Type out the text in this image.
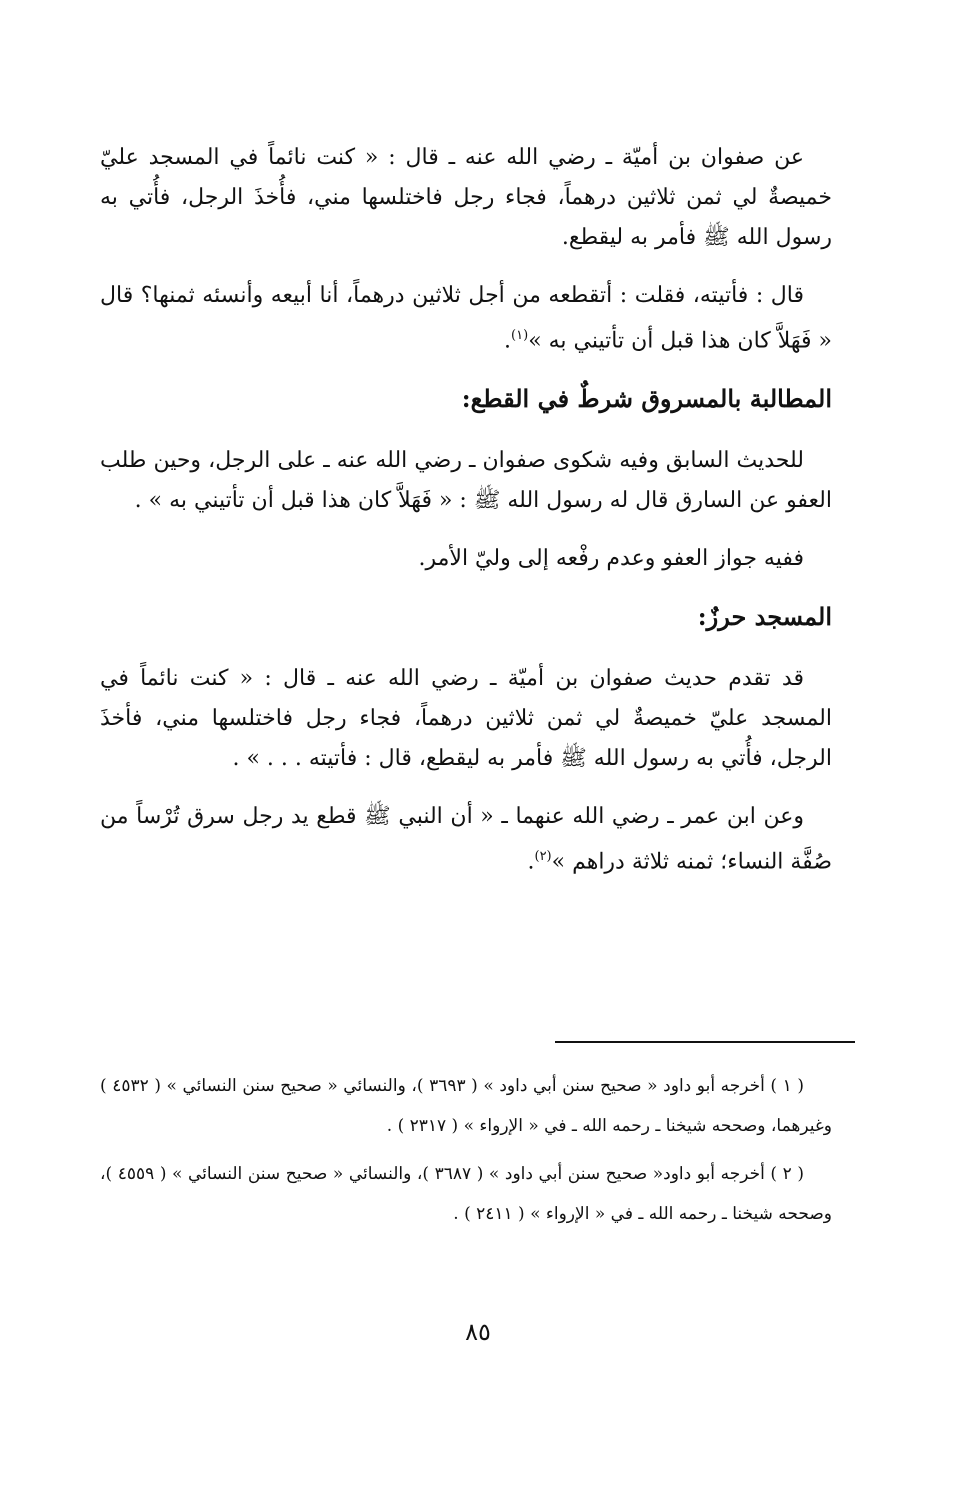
عن صفوان بن أميّة ـ رضي الله عنه ـ قال : « كنت نائماً في المسجد عليّ خميصةٌ لي ثمن ثلاثين درهماً، فجاء رجل فاختلسها مني، فأُخذَ الرجل، فأُتي به رسول الله ﷺ فأمر به ليقطع.

قال : فأتيته، فقلت : أتقطعه من أجل ثلاثين درهماً، أنا أبيعه وأنسئه ثمنها؟ قال « فَهَلاَّ كان هذا قبل أن تأتيني به »$^{(١)}$.

المطالبة بالمسروق شرطٌ في القطع:

للحديث السابق وفيه شكوى صفوان ـ رضي الله عنه ـ على الرجل، وحين طلب العفو عن السارق قال له رسول الله ﷺ : « فَهَلاَّ كان هذا قبل أن تأتيني به » .

ففيه جواز العفو وعدم رفْعه إلى وليّ الأمر.

المسجد حرزٌ:

قد تقدم حديث صفوان بن أميّة ـ رضي الله عنه ـ قال : « كنت نائماً في المسجد عليّ خميصةٌ لي ثمن ثلاثين درهماً، فجاء رجل فاختلسها مني، فأخذَ الرجل، فأُتي به رسول الله ﷺ فأمر به ليقطع، قال : فأتيته . . . » .

وعن ابن عمر ـ رضي الله عنهما ـ « أن النبي ﷺ قطع يد رجل سرق تُرْساً من صُفَّة النساء؛ ثمنه ثلاثة دراهم »$^{(٢)}$.

( ١ ) أخرجه أبو داود « صحيح سنن أبي داود » ( ٣٦٩٣ )، والنسائي « صحيح سنن النسائي » ( ٤٥٣٢ ) وغيرهما، وصححه شيخنا ـ رحمه الله ـ في « الإرواء » ( ٢٣١٧ ) .

( ٢ ) أخرجه أبو داود« صحيح سنن أبي داود » ( ٣٦٨٧ )، والنسائي « صحيح سنن النسائي » ( ٤٥٥٩ )، وصححه شيخنا ـ رحمه الله ـ في « الإرواء » ( ٢٤١١ ) .

٨٥
